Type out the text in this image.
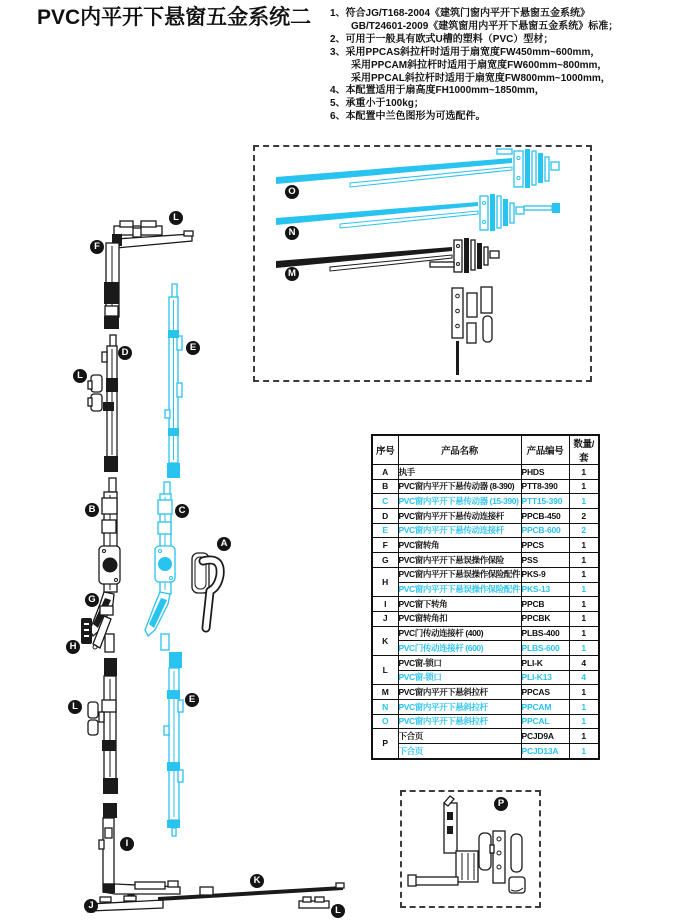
L
F
D	E
L
B	C
A
G
H
L
E
I
K
J	L
O
N
M
P
PVC内平开下悬窗五金系统二 1、符合JG/T168-2004《建筑门窗内平开下悬窗五金系统》
GB/T24601-2009《建筑窗用内平开下悬窗五金系统》标准；
2、可用于一般具有欧式U槽的塑料（PVC）型材；
3、采用PPCAS斜拉杆时适用于扇宽度FW450mm~600mm，
采用PPCAM斜拉杆时适用于扇宽度FW600mm~800mm，
采用PPCAL斜拉杆时适用于扇宽度FW800mm~1000mm，
4、本配置适用于扇高度FH1000mm~1850mm，
5、承重小于100kg；
6、本配置中兰色图形为可选配件。
序号	产品名称	产品编号	数量/套
A	执手	PHDS	1
B	PVC窗内平开下悬传动器 (8-390)	PTT8-390	1
C	PVC窗内平开下悬传动器 (15-390)	PTT15-390	1
D	PVC窗内平开下悬传动连接杆	PPCB-450	2
E	PVC窗内平开下悬传动连接杆	PPCB-600	2
F	PVC窗转角	PPCS	1
G	PVC窗内平开下悬误操作保险	PSS	1
H	PVC窗内平开下悬误操作保险配件	PKS-9	1
	PVC窗内平开下悬误操作保险配件	PKS-13	1
I	PVC窗下转角	PPCB	1
J	PVC窗转角扣	PPCBK	1
K	PVC门传动连接杆 (400)	PLBS-400	1
	PVC门传动连接杆 (600)	PLBS-600	1
L	PVC窗-锁口	PLI-K	4
	PVC窗-锁口	PLI-K13	4
M	PVC窗内平开下悬斜拉杆	PPCAS	1
N	PVC窗内平开下悬斜拉杆	PPCAM	1
O	PVC窗内平开下悬斜拉杆	PPCAL	1
P	下合页	PCJD9A	1
	下合页	PCJD13A	1
